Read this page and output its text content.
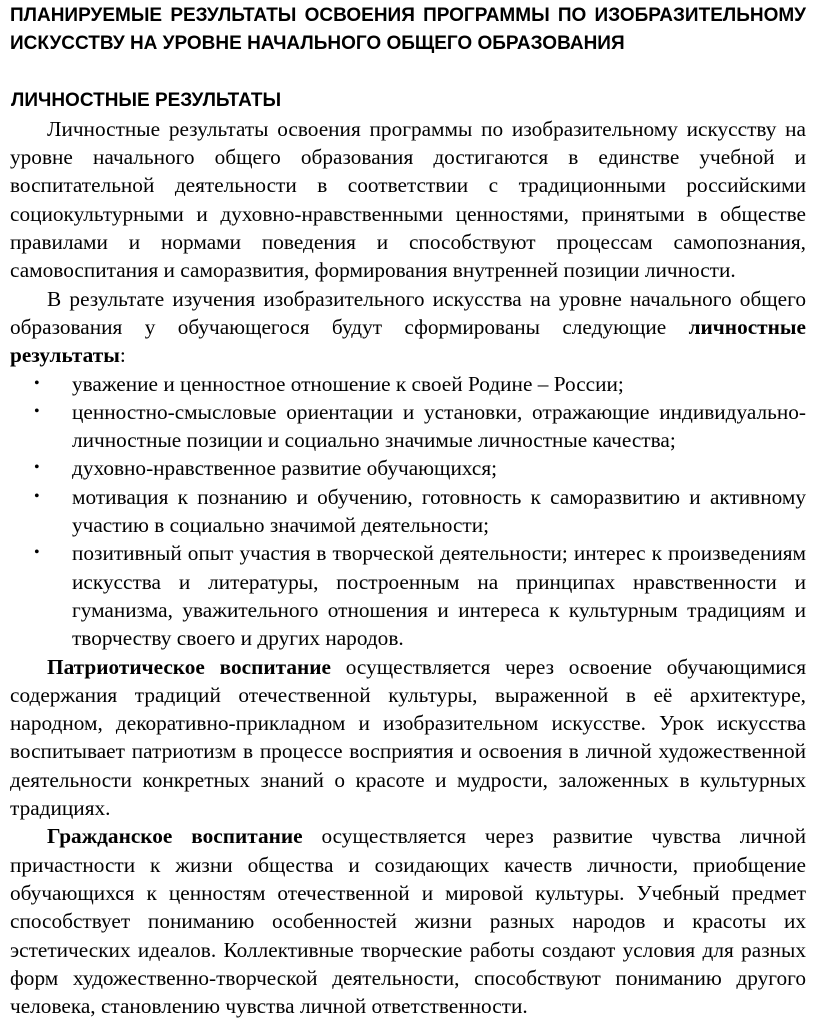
ПЛАНИРУЕМЫЕ РЕЗУЛЬТАТЫ ОСВОЕНИЯ ПРОГРАММЫ ПО ИЗОБРАЗИТЕЛЬНОМУ ИСКУССТВУ НА УРОВНЕ НАЧАЛЬНОГО ОБЩЕГО ОБРАЗОВАНИЯ
ЛИЧНОСТНЫЕ РЕЗУЛЬТАТЫ

Личностные результаты освоения программы по изобразительному искусству на уровне начального общего образования достигаются в единстве учебной и воспитательной деятельности в соответствии с традиционными российскими социокультурными и духовно-нравственными ценностями, принятыми в обществе правилами и нормами поведения и способствуют процессам самопознания, самовоспитания и саморазвития, формирования внутренней позиции личности.

В результате изучения изобразительного искусства на уровне начального общего образования у обучающегося будут сформированы следующие личностные результаты:

• уважение и ценностное отношение к своей Родине – России;
• ценностно-смысловые ориентации и установки, отражающие индивидуально-личностные позиции и социально значимые личностные качества;
• духовно-нравственное развитие обучающихся;
• мотивация к познанию и обучению, готовность к саморазвитию и активному участию в социально значимой деятельности;
• позитивный опыт участия в творческой деятельности; интерес к произведениям искусства и литературы, построенным на принципах нравственности и гуманизма, уважительного отношения и интереса к культурным традициям и творчеству своего и других народов.

Патриотическое воспитание осуществляется через освоение обучающимися содержания традиций отечественной культуры, выраженной в её архитектуре, народном, декоративно-прикладном и изобразительном искусстве. Урок искусства воспитывает патриотизм в процессе восприятия и освоения в личной художественной деятельности конкретных знаний о красоте и мудрости, заложенных в культурных традициях.

Гражданское воспитание осуществляется через развитие чувства личной причастности к жизни общества и созидающих качеств личности, приобщение обучающихся к ценностям отечественной и мировой культуры. Учебный предмет способствует пониманию особенностей жизни разных народов и красоты их эстетических идеалов. Коллективные творческие работы создают условия для разных форм художественно-творческой деятельности, способствуют пониманию другого человека, становлению чувства личной ответственности.
